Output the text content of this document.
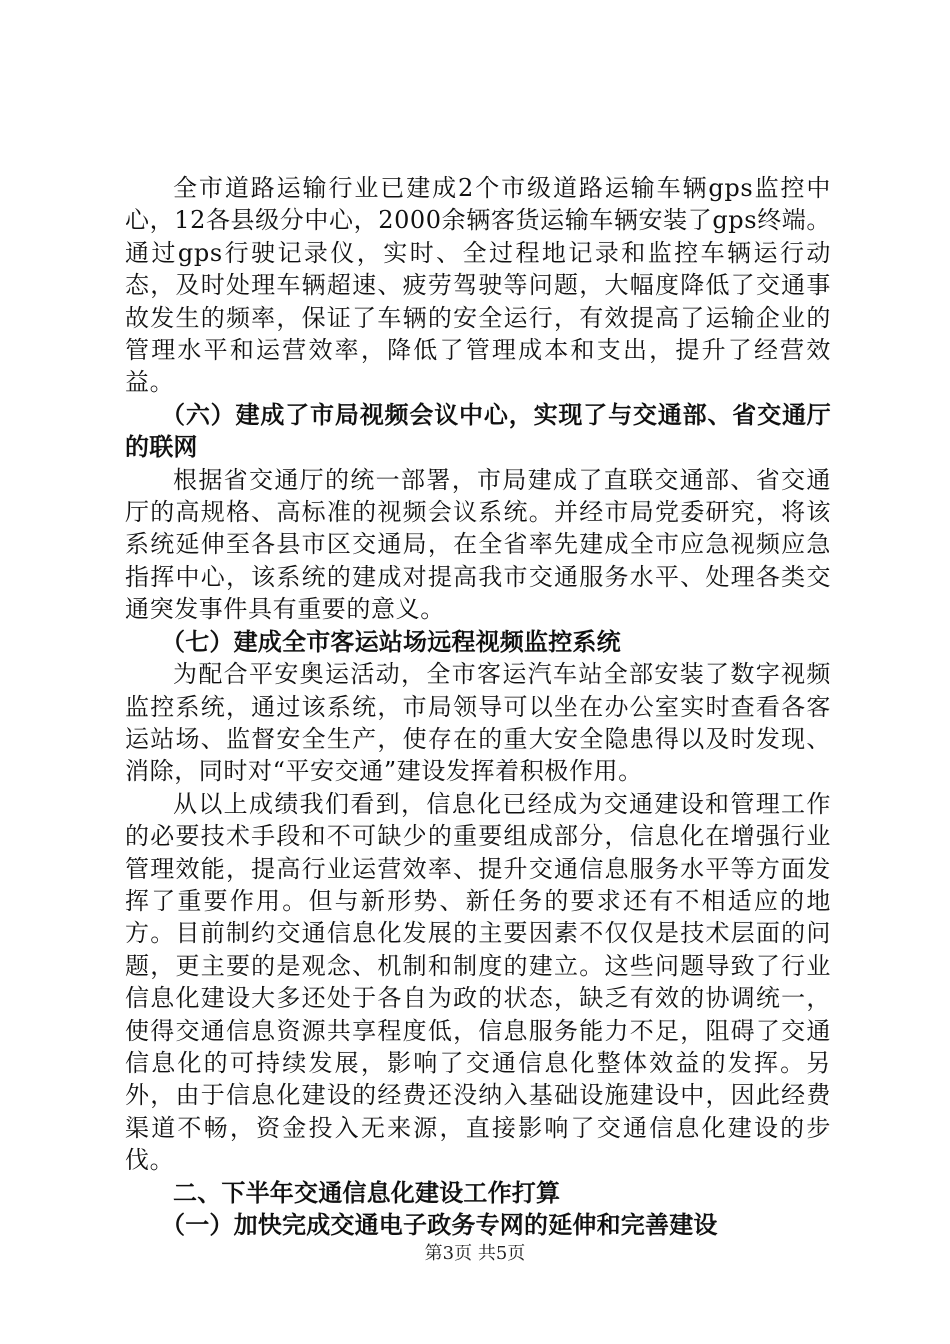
全市道路运输行业已建成2个市级道路运输车辆gps监控中心，12各县级分中心，2000余辆客货运输车辆安装了gps终端。通过gps行驶记录仪，实时、全过程地记录和监控车辆运行动态，及时处理车辆超速、疲劳驾驶等问题，大幅度降低了交通事故发生的频率，保证了车辆的安全运行，有效提高了运输企业的管理水平和运营效率，降低了管理成本和支出，提升了经营效益。

（六）建成了市局视频会议中心，实现了与交通部、省交通厅的联网

根据省交通厅的统一部署，市局建成了直联交通部、省交通厅的高规格、高标准的视频会议系统。并经市局党委研究，将该系统延伸至各县市区交通局，在全省率先建成全市应急视频应急指挥中心，该系统的建成对提高我市交通服务水平、处理各类交通突发事件具有重要的意义。

（七）建成全市客运站场远程视频监控系统

为配合平安奥运活动，全市客运汽车站全部安装了数字视频监控系统，通过该系统，市局领导可以坐在办公室实时查看各客运站场、监督安全生产，使存在的重大安全隐患得以及时发现、消除，同时对“平安交通”建设发挥着积极作用。

从以上成绩我们看到，信息化已经成为交通建设和管理工作的必要技术手段和不可缺少的重要组成部分，信息化在增强行业管理效能，提高行业运营效率、提升交通信息服务水平等方面发挥了重要作用。但与新形势、新任务的要求还有不相适应的地方。目前制约交通信息化发展的主要因素不仅仅是技术层面的问题，更主要的是观念、机制和制度的建立。这些问题导致了行业信息化建设大多还处于各自为政的状态，缺乏有效的协调统一，使得交通信息资源共享程度低，信息服务能力不足，阻碍了交通信息化的可持续发展，影响了交通信息化整体效益的发挥。另外，由于信息化建设的经费还没纳入基础设施建设中，因此经费渠道不畅，资金投入无来源，直接影响了交通信息化建设的步伐。

二、下半年交通信息化建设工作打算

（一）加快完成交通电子政务专网的延伸和完善建设

第3页 共5页
